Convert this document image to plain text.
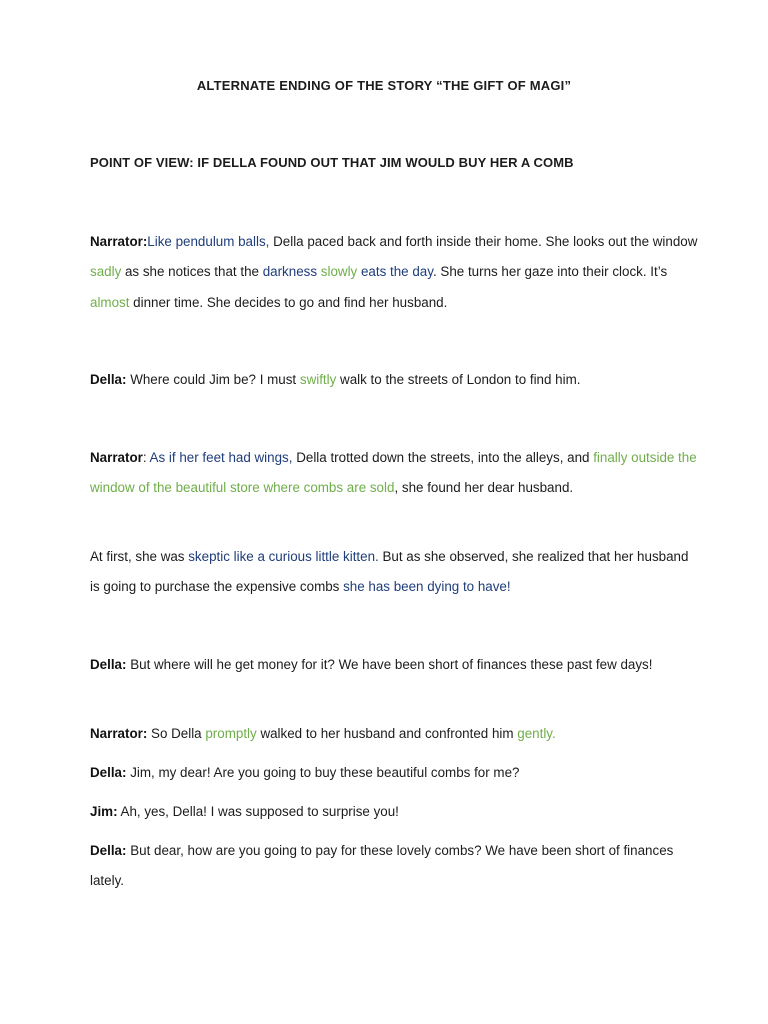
ALTERNATE ENDING OF THE STORY “THE GIFT OF MAGI”
POINT OF VIEW: IF DELLA FOUND OUT THAT JIM WOULD BUY HER A COMB

Narrator:Like pendulum balls, Della paced back and forth inside their home. She looks out the window sadly as she notices that the darkness slowly eats the day. She turns her gaze into their clock. It’s almost dinner time. She decides to go and find her husband.

Della: Where could Jim be? I must swiftly walk to the streets of London to find him.

Narrator: As if her feet had wings, Della trotted down the streets, into the alleys, and finally outside the window of the beautiful store where combs are sold, she found her dear husband.

At first, she was skeptic like a curious little kitten. But as she observed, she realized that her husband is going to purchase the expensive combs she has been dying to have!

Della: But where will he get money for it? We have been short of finances these past few days!

Narrator: So Della promptly walked to her husband and confronted him gently.

Della: Jim, my dear! Are you going to buy these beautiful combs for me?

Jim: Ah, yes, Della! I was supposed to surprise you!

Della: But dear, how are you going to pay for these lovely combs? We have been short of finances lately.
